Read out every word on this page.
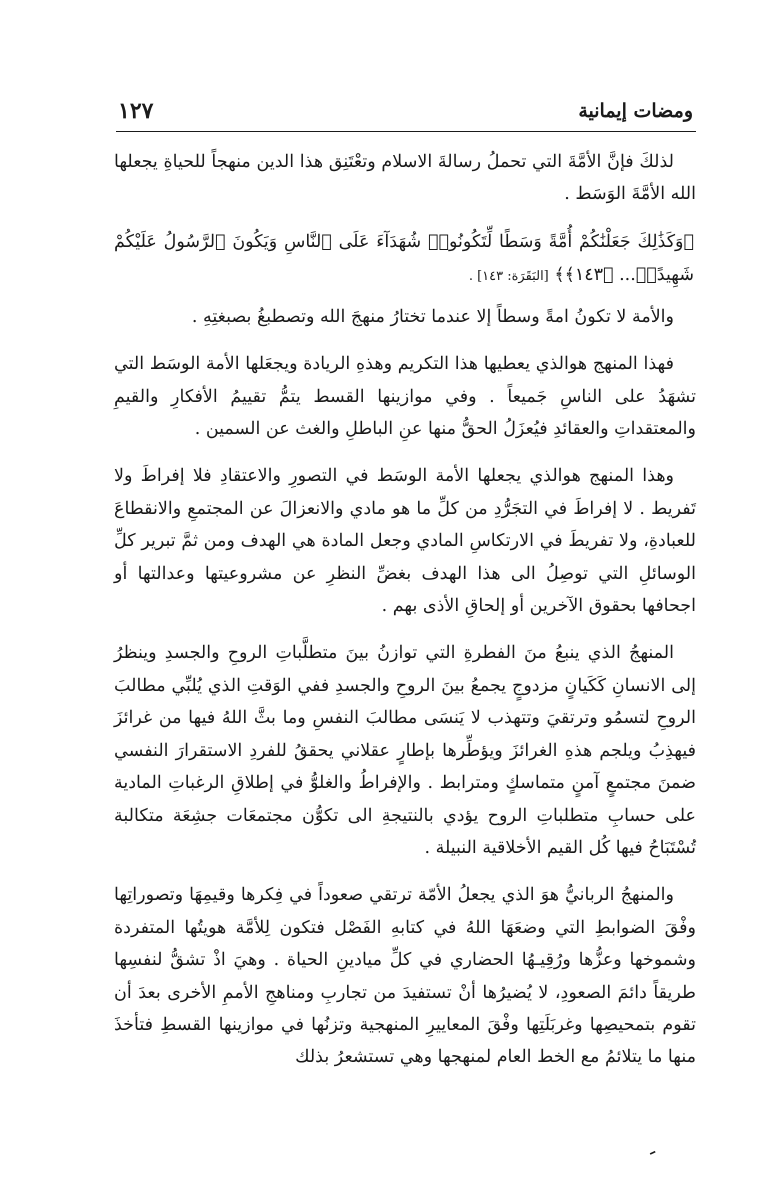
ومضات إيمانية
١٢٧

لذلكَ فإنَّ الأمَّةَ التي تحملُ رسالةَ الاسلام وتعْتَنِق هذا الدين منهجاً للحياةِ يجعلها الله الأمَّةَ الوَسَط .

﴿وَكَذَٰلِكَ جَعَلْنَٰكُمْ أُمَّةً وَسَطًا لِّتَكُونُوا۟ شُهَدَآءَ عَلَى ٱلنَّاسِ وَيَكُونَ ٱلرَّسُولُ عَلَيْكُمْ شَهِيدًاۗ... ﴿١٤٣﴾﴾ [البَقَرَة: ١٤٣] .

والأمة لا تكونُ امةً وسطاً إلا عندما تختارُ منهجَ الله وتصطبغُ بصبغتِهِ .

فهذا المنهج هوالذي يعطيها هذا التكريم وهذهِ الريادة ويجعَلها الأمة الوسَط التي تشهَدُ على الناسِ جَميعاً . وفي موازينها القسط يتمُّ تقييمُ الأفكارِ والقيمِ والمعتقداتِ والعقائدِ فيُعزَلُ الحقُّ منها عنِ الباطلِ والغث عن السمين .

وهذا المنهج هوالذي يجعلها الأمة الوسَط في التصورِ والاعتقادِ فلا إفراطَ ولا تَفريط . لا إفراطَ في التجَرُّدِ من كلِّ ما هو مادي والانعزالَ عن المجتمعِ والانقطاعَ للعبادةِ، ولا تفريطَ في الارتكاسِ المادي وجعل المادة هي الهدف ومن ثمَّ تبرير كلِّ الوسائلِ التي توصِلُ الى هذا الهدف بغضِّ النظرِ عن مشروعيتها وعدالتها أو اجحافها بحقوق الآخرين أو إلحاقِ الأذى بهم .

المنهجُ الذي ينبعُ منَ الفطرةِ التي توازنُ بينَ متطلَّباتِ الروحِ والجسدِ وينظرُ إلى الانسانِ كَكَيانٍ مزدوجٍ يجمعُ بينَ الروحِ والجسدِ ففي الوَقتِ الذي يُلبِّي مطالبَ الروحِ لتسمُو وترتقيَ وتتهذب لا يَنسَى مطالبَ النفسِ وما بثَّ اللهُ فيها من غرائزَ فيهذِبُ ويلجم هذهِ الغرائزَ ويؤطِّرها بإطارٍ عقلاني يحققُ للفردِ الاستقرارَ النفسي ضمنَ مجتمعٍ آمنٍ متماسكٍ ومترابط . والإفراطُ والغلوُّ في إطلاقِ الرغباتِ المادية على حسابِ متطلباتِ الروح يؤدي بالنتيجةِ الى تكوُّن مجتمعَات جشِعَة متكالبة تُسْتَبَاحُ فيها كُل القيم الأخلاقية النبيلة .

والمنهجُ الربانيُّ هوَ الذي يجعلُ الأمّة ترتقي صعوداً في فِكرها وقيمِهَا وتصوراتِها وفْقَ الضوابطِ التي وضعَهَا اللهُ في كتابهِ الفَصْل فتكون لِلأمَّة هويتُها المتفردة وشموخها وعزُّها ورُقِيـهُا الحضاري في كلِّ ميادينِ الحياة . وهيَ اذْ تشقُّ لنفسِها طريقاً دائمَ الصعودِ، لا يُضيرُها أنْ تستفيدَ من تجاربِ ومناهجِ الأممِ الأخرى بعدَ أن تقوم بتمحيصِها وغربَلَتِها وفْقَ المعاييرِ المنهجية وتزنُها في موازينها القسطِ فتأخذَ منها ما يتلائمُ مع الخط العام لمنهجها وهي تستشعرُ بذلك

ـ
